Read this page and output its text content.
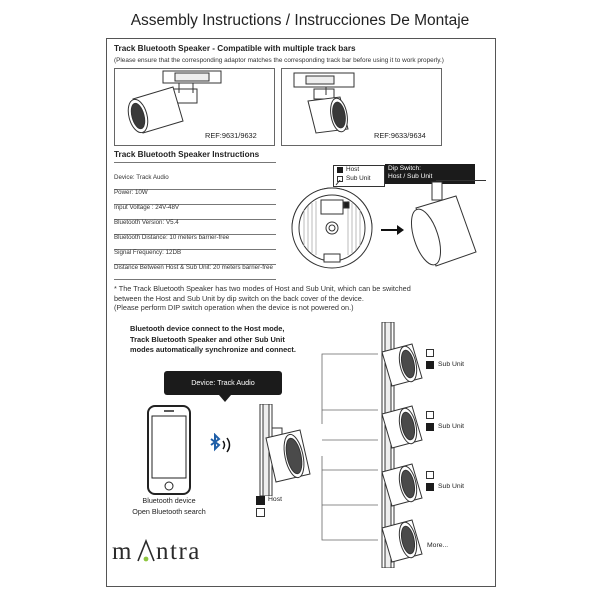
Assembly Instructions / Instrucciones De Montaje
Track Bluetooth Speaker - Compatible with multiple track bars
(Please ensure that the corresponding adaptor matches the corresponding track bar before using it to work properly.)
REF:9631/9632	REF:9633/9634
Track Bluetooth Speaker Instructions
Device: Track Audio
Power: 10W
Input Voltage : 24V-48V
Bluetooth Version: V5.4
Bluetooth Distance: 10 meters barrier-free
Signal Frequency: 12DB
Distance Between Host & Sub Unit: 20 meters barrier-free
Host
Sub Unit
Dip Switch:
Host / Sub Unit
* The Track Bluetooth Speaker has two modes of Host and Sub Unit, which can be switched
between the Host and Sub Unit by dip switch on the back cover of the device.
(Please perform DIP switch operation when the device is not powered on.)
Bluetooth device connect to the Host mode,
Track Bluetooth Speaker and other Sub Unit
modes automatically synchronize and connect.
Device: Track Audio
Bluetooth device
Open Bluetooth search
Host
Sub Unit
Sub Unit
Sub Unit
More...
m ntra
